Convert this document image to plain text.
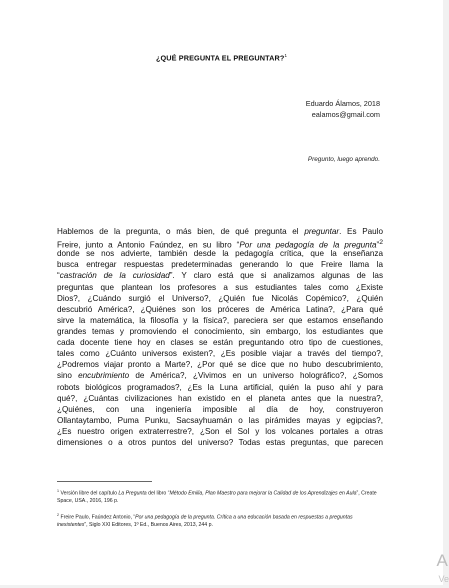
¿QUÉ PREGUNTA EL PREGUNTAR?$^1$
Eduardo Álamos, 2018
ealamos@gmail.com
Pregunto, luego aprendo.
Hablemos de la pregunta, o más bien, de qué pregunta el preguntar. Es Paulo
Freire, junto a Antonio Faúndez, en su libro “Por una pedagogía de la pregunta”$^2$
donde se nos advierte, también desde la pedagogía crítica, que la enseñanza
busca entregar respuestas predeterminadas generando lo que Freire llama la
“castración de la curiosidad”. Y claro está que si analizamos algunas de las
preguntas que plantean los profesores a sus estudiantes tales como ¿Existe
Dios?, ¿Cuándo surgió el Universo?, ¿Quién fue Nicolás Copémico?, ¿Quién
descubrió América?, ¿Quiénes son los próceres de América Latina?, ¿Para qué
sirve la matemática, la filosofía y la física?, pareciera ser que estamos enseñando
grandes temas y promoviendo el conocimiento, sin embargo, los estudiantes que
cada docente tiene hoy en clases se están preguntando otro tipo de cuestiones,
tales como ¿Cuánto universos existen?, ¿Es posible viajar a través del tiempo?,
¿Podremos viajar pronto a Marte?, ¿Por qué se dice que no hubo descubrimiento,
sino encubrimiento de América?, ¿Vivimos en un universo holográfico?, ¿Somos
robots biológicos programados?, ¿Es la Luna artificial, quién la puso ahí y para
qué?, ¿Cuántas civilizaciones han existido en el planeta antes que la nuestra?,
¿Quiénes, con una ingeniería imposible al día de hoy, construyeron
Ollantaytambo, Puma Punku, Sacsayhuamán o las pirámides mayas y egipcias?,
¿Es nuestro origen extraterrestre?, ¿Son el Sol y los volcanes portales a otras
dimensiones o a otros puntos del universo? Todas estas preguntas, que parecen

$^1$ Versión libre del capítulo La Pregunta del libro “Método Emilia, Plan Maestro para mejorar la Calidad de los Aprendizajes en Aula”, Create Space, USA., 2016, 196 p.

$^2$ Freire Paulo, Faúndez Antonio, “Por una pedagogía de la pregunta. Crítica a una educación basada en respuestas a preguntas inexistentes”, Siglo XXI Editores, 1º Ed., Buenos Aires, 2013, 244 p.

A
Ve
